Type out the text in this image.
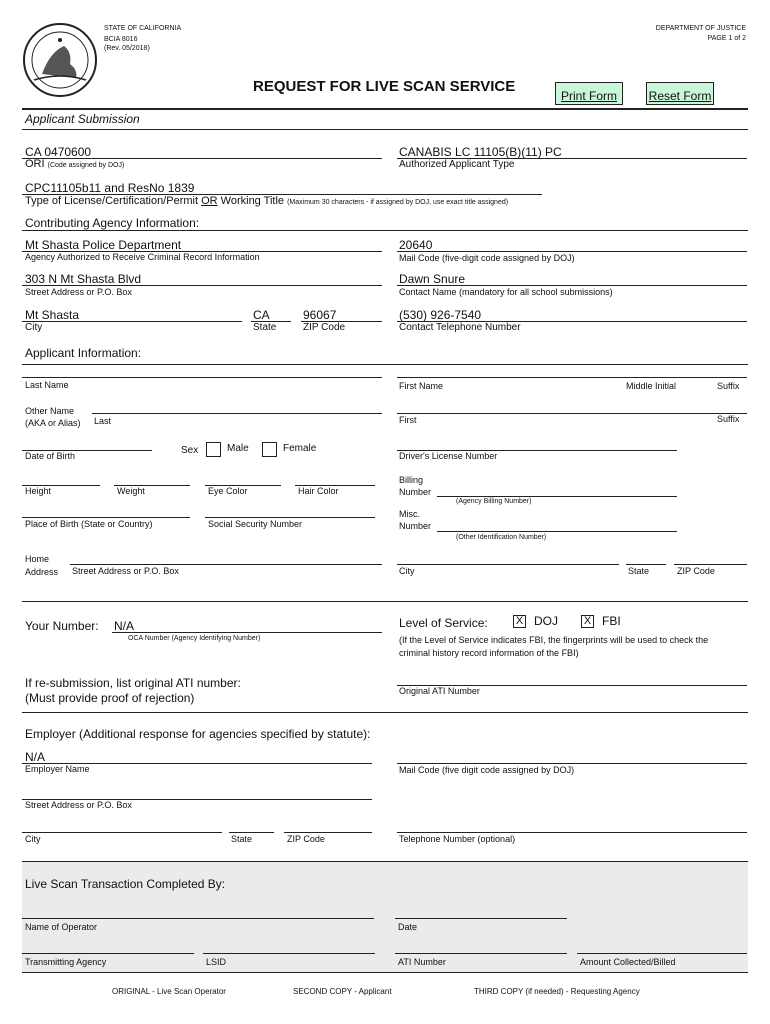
STATE OF CALIFORNIA
BCIA 8016
(Rev. 05/2018)
DEPARTMENT OF JUSTICE
PAGE 1 of 2
REQUEST FOR LIVE SCAN SERVICE
Print Form	Reset Form
Applicant Submission
CA 0470600
ORI (Code assigned by DOJ)
CANABIS LC 11105(B)(11) PC
Authorized Applicant Type
CPC11105b11 and ResNo 1839
Type of License/Certification/Permit OR Working Title (Maximum 30 characters - if assigned by DOJ, use exact title assigned)
Contributing Agency Information:
Mt Shasta Police Department
Agency Authorized to Receive Criminal Record Information
20640
Mail Code (five-digit code assigned by DOJ)
303 N Mt Shasta Blvd
Street Address or P.O. Box
Dawn Snure
Contact Name (mandatory for all school submissions)
Mt Shasta
City
CA
State
96067
ZIP Code
(530) 926-7540
Contact Telephone Number
Applicant Information:
Last Name	First Name	Middle Initial	Suffix
Other Name
(AKA or Alias) Last	First	Suffix
Date of Birth	Sex	Male	Female
Driver's License Number
Height	Weight	Eye Color	Hair Color
Billing
Number
(Agency Billing Number)
Place of Birth (State or Country)	Social Security Number
Misc.
Number
(Other Identification Number)
Home
Address Street Address or P.O. Box	City	State	ZIP Code
Your Number: N/A
OCA Number (Agency Identifying Number)
Level of Service:	X DOJ X FBI
(If the Level of Service indicates FBI, the fingerprints will be used to check the
criminal history record information of the FBI)
If re-submission, list original ATI number:
(Must provide proof of rejection)	Original ATI Number
Employer (Additional response for agencies specified by statute):
N/A
Employer Name	Mail Code (five digit code assigned by DOJ)
Street Address or P.O. Box
City	State	ZIP Code	Telephone Number (optional)
Live Scan Transaction Completed By:
Name of Operator	Date
Transmitting Agency	LSID	ATI Number	Amount Collected/Billed
ORIGINAL - Live Scan Operator	SECOND COPY - Applicant	THIRD COPY (if needed) - Requesting Agency
